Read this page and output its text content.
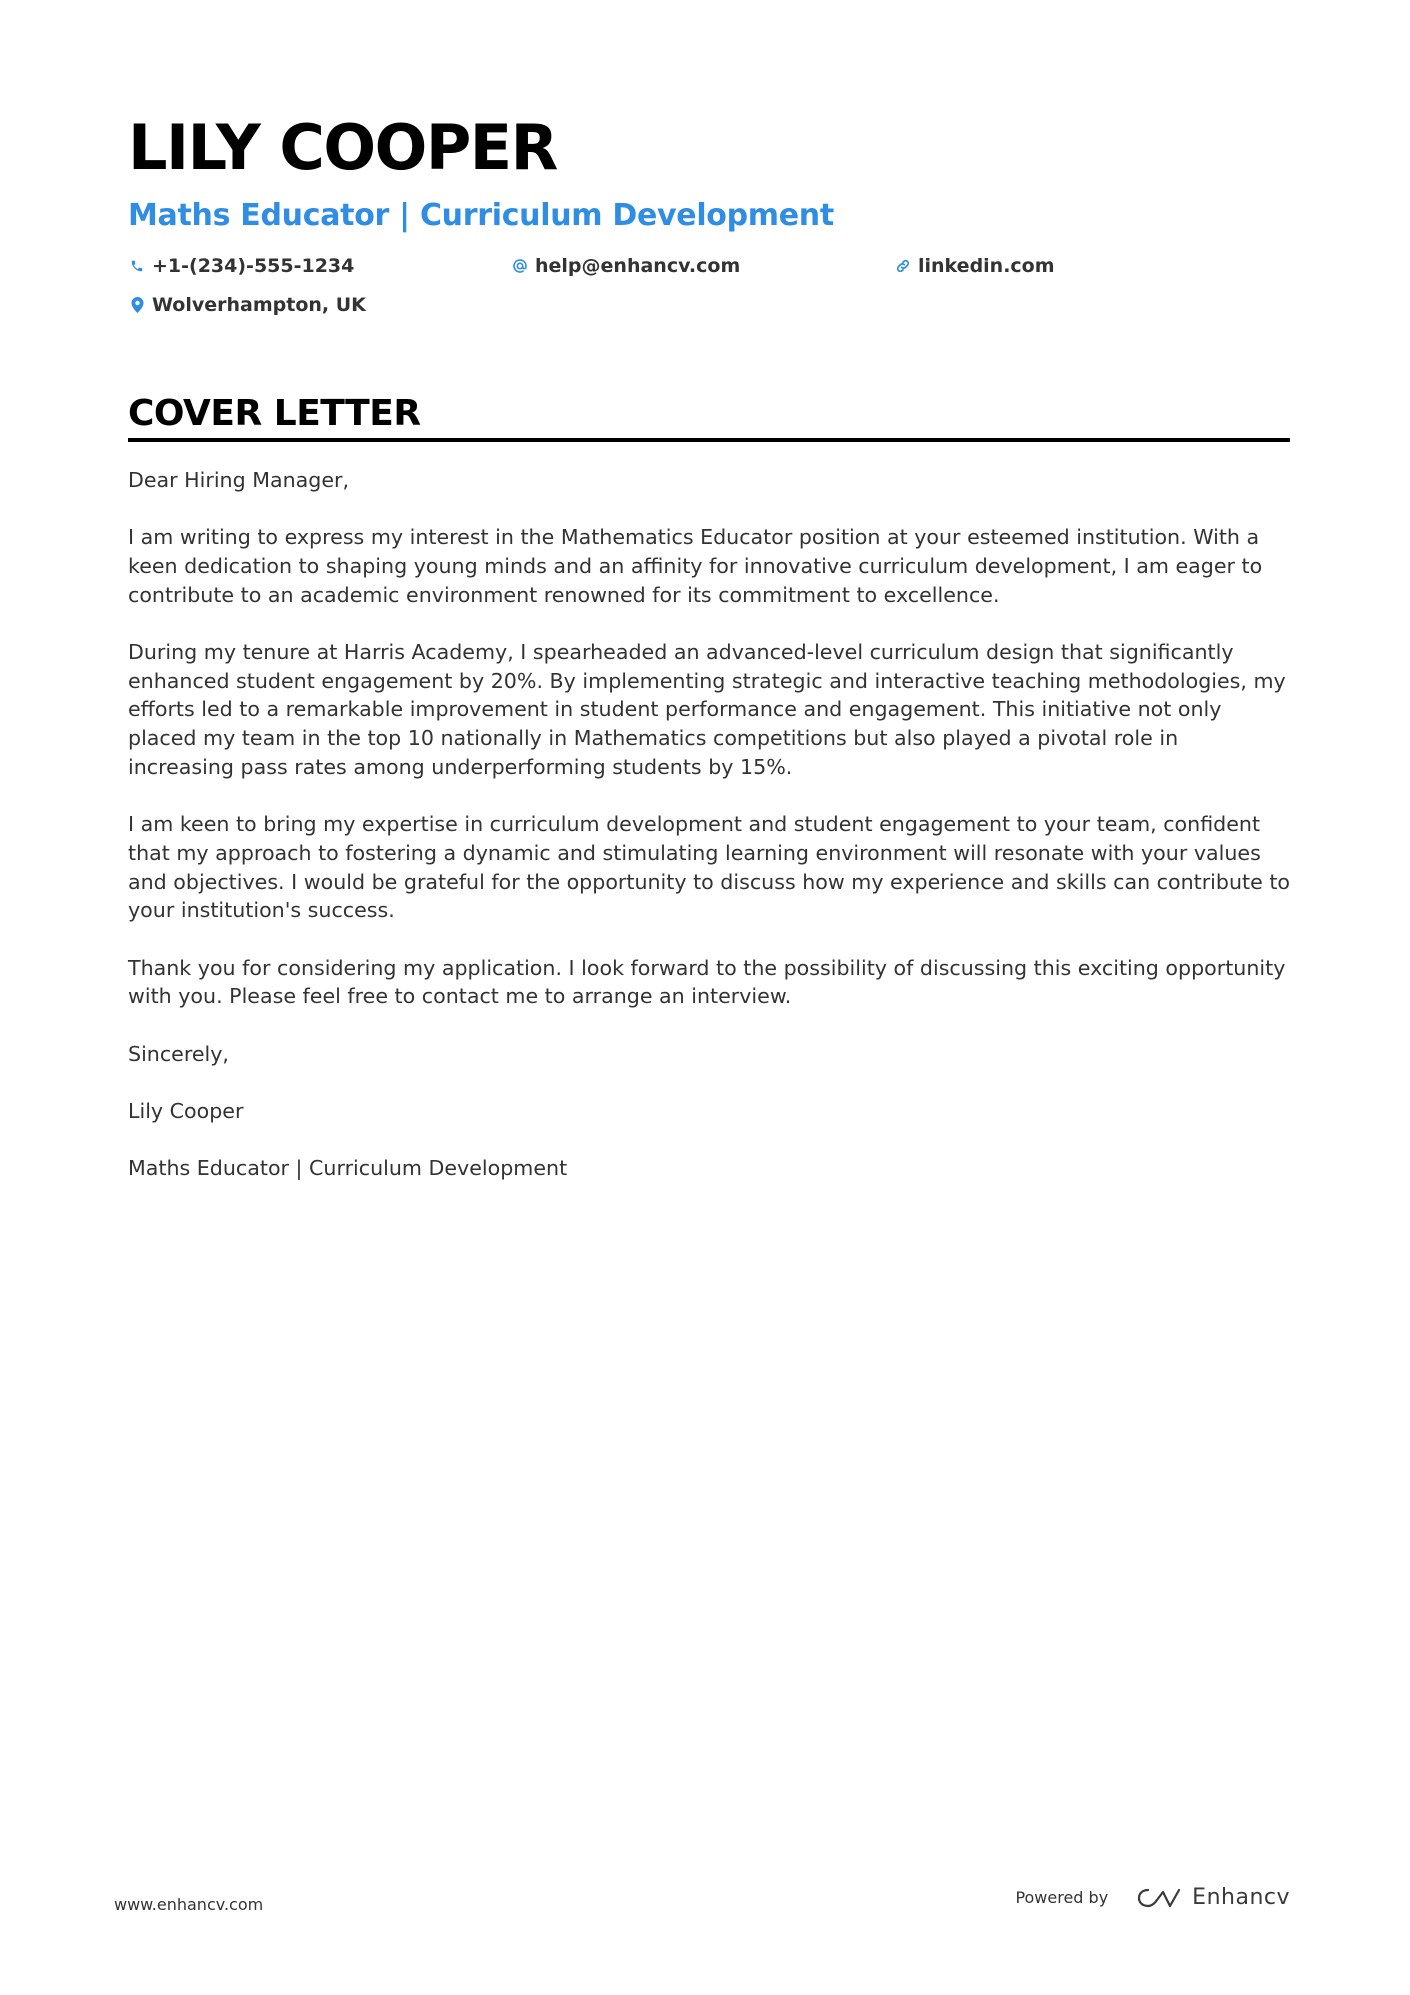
LILY COOPER
Maths Educator | Curriculum Development
+1-(234)-555-1234	help@enhancv.com	linkedin.com
Wolverhampton, UK
COVER LETTER

Dear Hiring Manager,

I am writing to express my interest in the Mathematics Educator position at your esteemed institution. With a keen dedication to shaping young minds and an affinity for innovative curriculum development, I am eager to contribute to an academic environment renowned for its commitment to excellence.

During my tenure at Harris Academy, I spearheaded an advanced-level curriculum design that significantly enhanced student engagement by 20%. By implementing strategic and interactive teaching methodologies, my efforts led to a remarkable improvement in student performance and engagement. This initiative not only placed my team in the top 10 nationally in Mathematics competitions but also played a pivotal role in increasing pass rates among underperforming students by 15%.

I am keen to bring my expertise in curriculum development and student engagement to your team, confident that my approach to fostering a dynamic and stimulating learning environment will resonate with your values and objectives. I would be grateful for the opportunity to discuss how my experience and skills can contribute to your institution's success.

Thank you for considering my application. I look forward to the possibility of discussing this exciting opportunity with you. Please feel free to contact me to arrange an interview.

Sincerely,

Lily Cooper

Maths Educator | Curriculum Development

www.enhancv.com	Powered by	Enhancv
